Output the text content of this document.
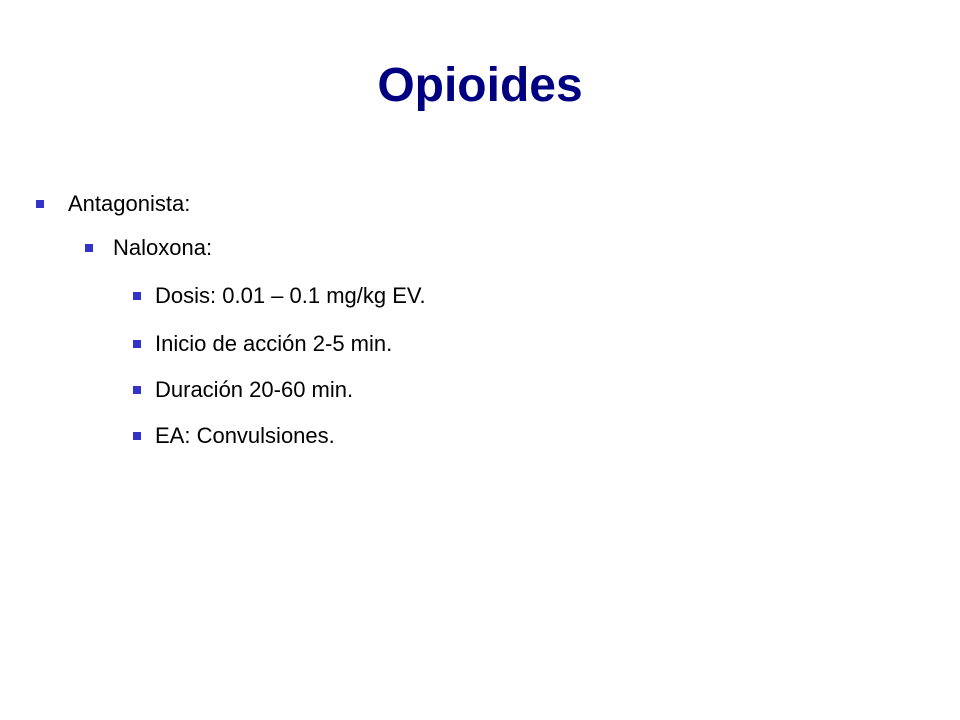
Opioides
Antagonista:
Naloxona:
Dosis: 0.01 – 0.1 mg/kg EV.
Inicio de acción 2-5 min.
Duración 20-60 min.
EA: Convulsiones.
